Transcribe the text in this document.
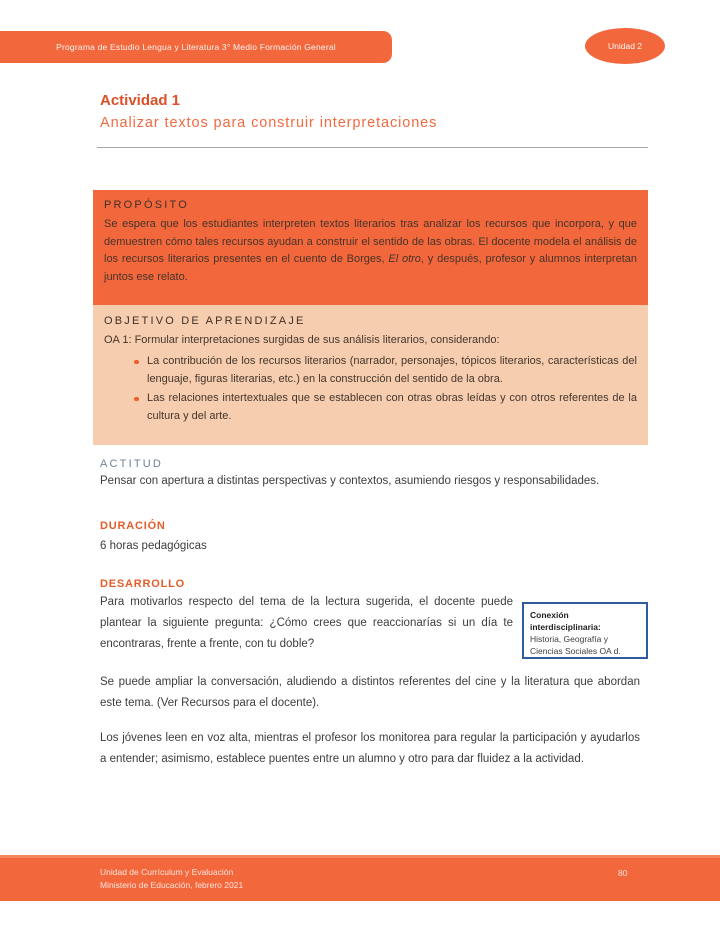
Programa de Estudio Lengua y Literatura 3° Medio Formación General	Unidad 2
Actividad 1
Analizar textos para construir interpretaciones
PROPÓSITO

Se espera que los estudiantes interpreten textos literarios tras analizar los recursos que incorpora, y que demuestren cómo tales recursos ayudan a construir el sentido de las obras. El docente modela el análisis de los recursos literarios presentes en el cuento de Borges, El otro, y después, profesor y alumnos interpretan juntos ese relato.

OBJETIVO DE APRENDIZAJE

OA 1: Formular interpretaciones surgidas de sus análisis literarios, considerando:

La contribución de los recursos literarios (narrador, personajes, tópicos literarios, características del lenguaje, figuras literarias, etc.) en la construcción del sentido de la obra.
Las relaciones intertextuales que se establecen con otras obras leídas y con otros referentes de la cultura y del arte.
ACTITUD

Pensar con apertura a distintas perspectivas y contextos, asumiendo riesgos y responsabilidades.

DURACIÓN

6 horas pedagógicas

DESARROLLO

Para motivarlos respecto del tema de la lectura sugerida, el docente puede plantear la siguiente pregunta: ¿Cómo crees que reaccionarías si un día te encontraras, frente a frente, con tu doble?

Conexión interdisciplinaria:

Historia, Geografía y Ciencias Sociales OA d.

Se puede ampliar la conversación, aludiendo a distintos referentes del cine y la literatura que abordan este tema. (Ver Recursos para el docente).

Los jóvenes leen en voz alta, mientras el profesor los monitorea para regular la participación y ayudarlos a entender; asimismo, establece puentes entre un alumno y otro para dar fluidez a la actividad.

Unidad de Currículum y Evaluación
Ministerio de Educación, febrero 2021
80
